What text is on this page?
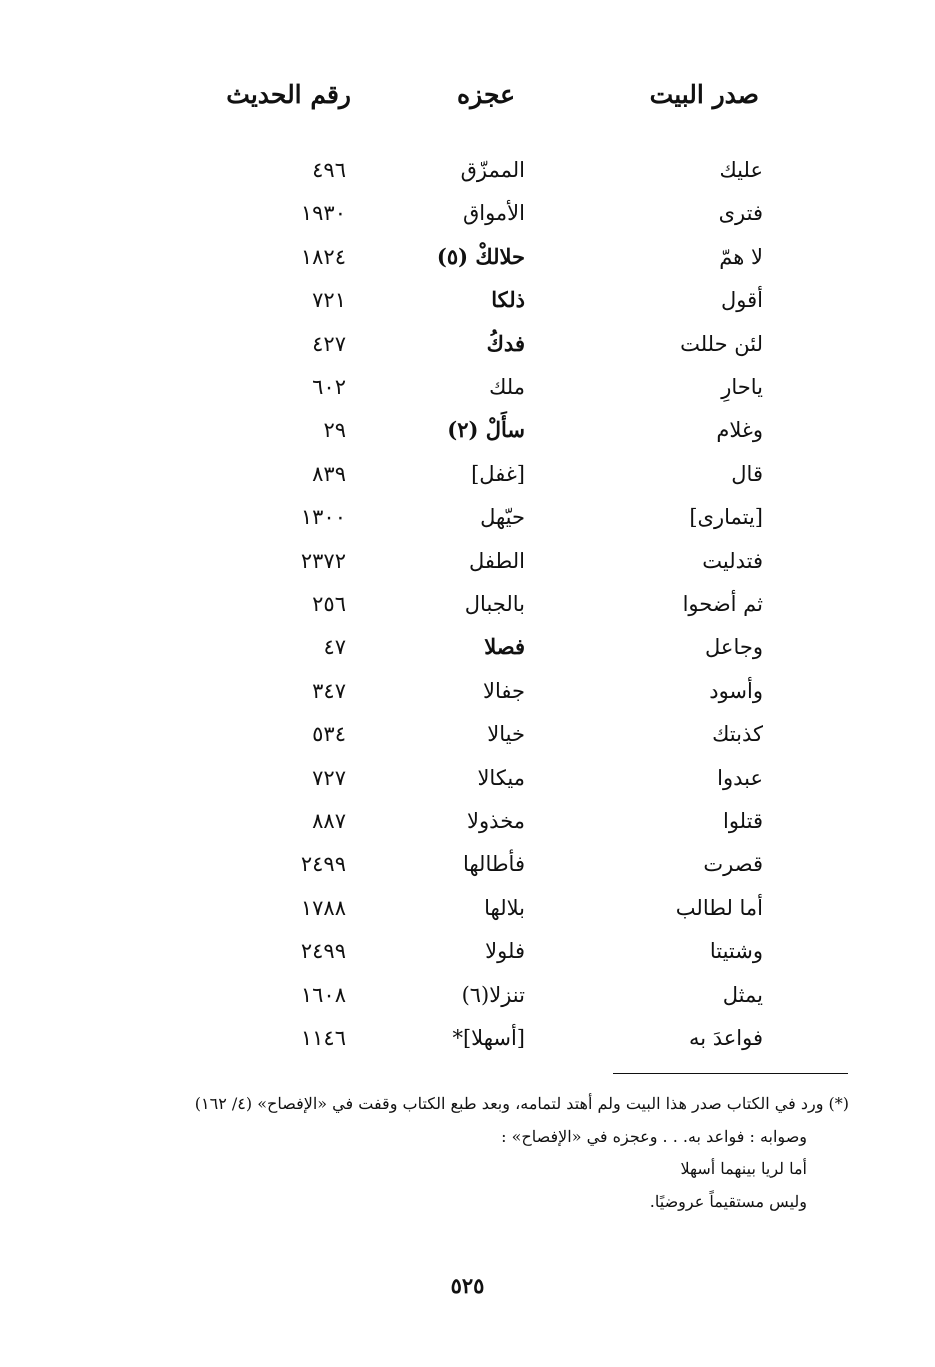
صدر البيت
عجزه
رقم الحديث
عليك
الممزّق
٤٩٦
فترى
الأمواق
١٩٣٠
لا همّ
حلالكْ (٥)
١٨٢٤
أقول
ذلكا
٧٢١
لئن حللت
فدكُ
٤٢٧
ياحارِ
ملك
٦٠٢
وغلام
سأَلْ (٢)
٢٩
قال
[غفل]
٨٣٩
[يتمارى]
حيّهل
١٣٠٠
فتدليت
الطفل
٢٣٧٢
ثم أضحوا
بالجبال
٢٥٦
وجاعل
فصلا
٤٧
وأسود
جفالا
٣٤٧
كذبتك
خيالا
٥٣٤
عبدوا
ميكالا
٧٢٧
قتلوا
مخذولا
٨٨٧
قصرت
فأطالها
٢٤٩٩
أما لطالب
بلالها
١٧٨٨
وشتيتا
فلولا
٢٤٩٩
يمثل
تنزلا(٦)
١٦٠٨
فواعدَ به
[أسهلا]*
١١٤٦
(*) ورد في الكتاب صدر هذا البيت ولم أهتد لتمامه، وبعد طبع الكتاب وقفت في «الإفصاح» (٤/ ١٦٢)
وصوابه : فواعد به. . . وعجزه في «الإفصاح» :
أما لريا بينهما أسهلا
وليس مستقيماً عروضيًا.
٥٢٥
